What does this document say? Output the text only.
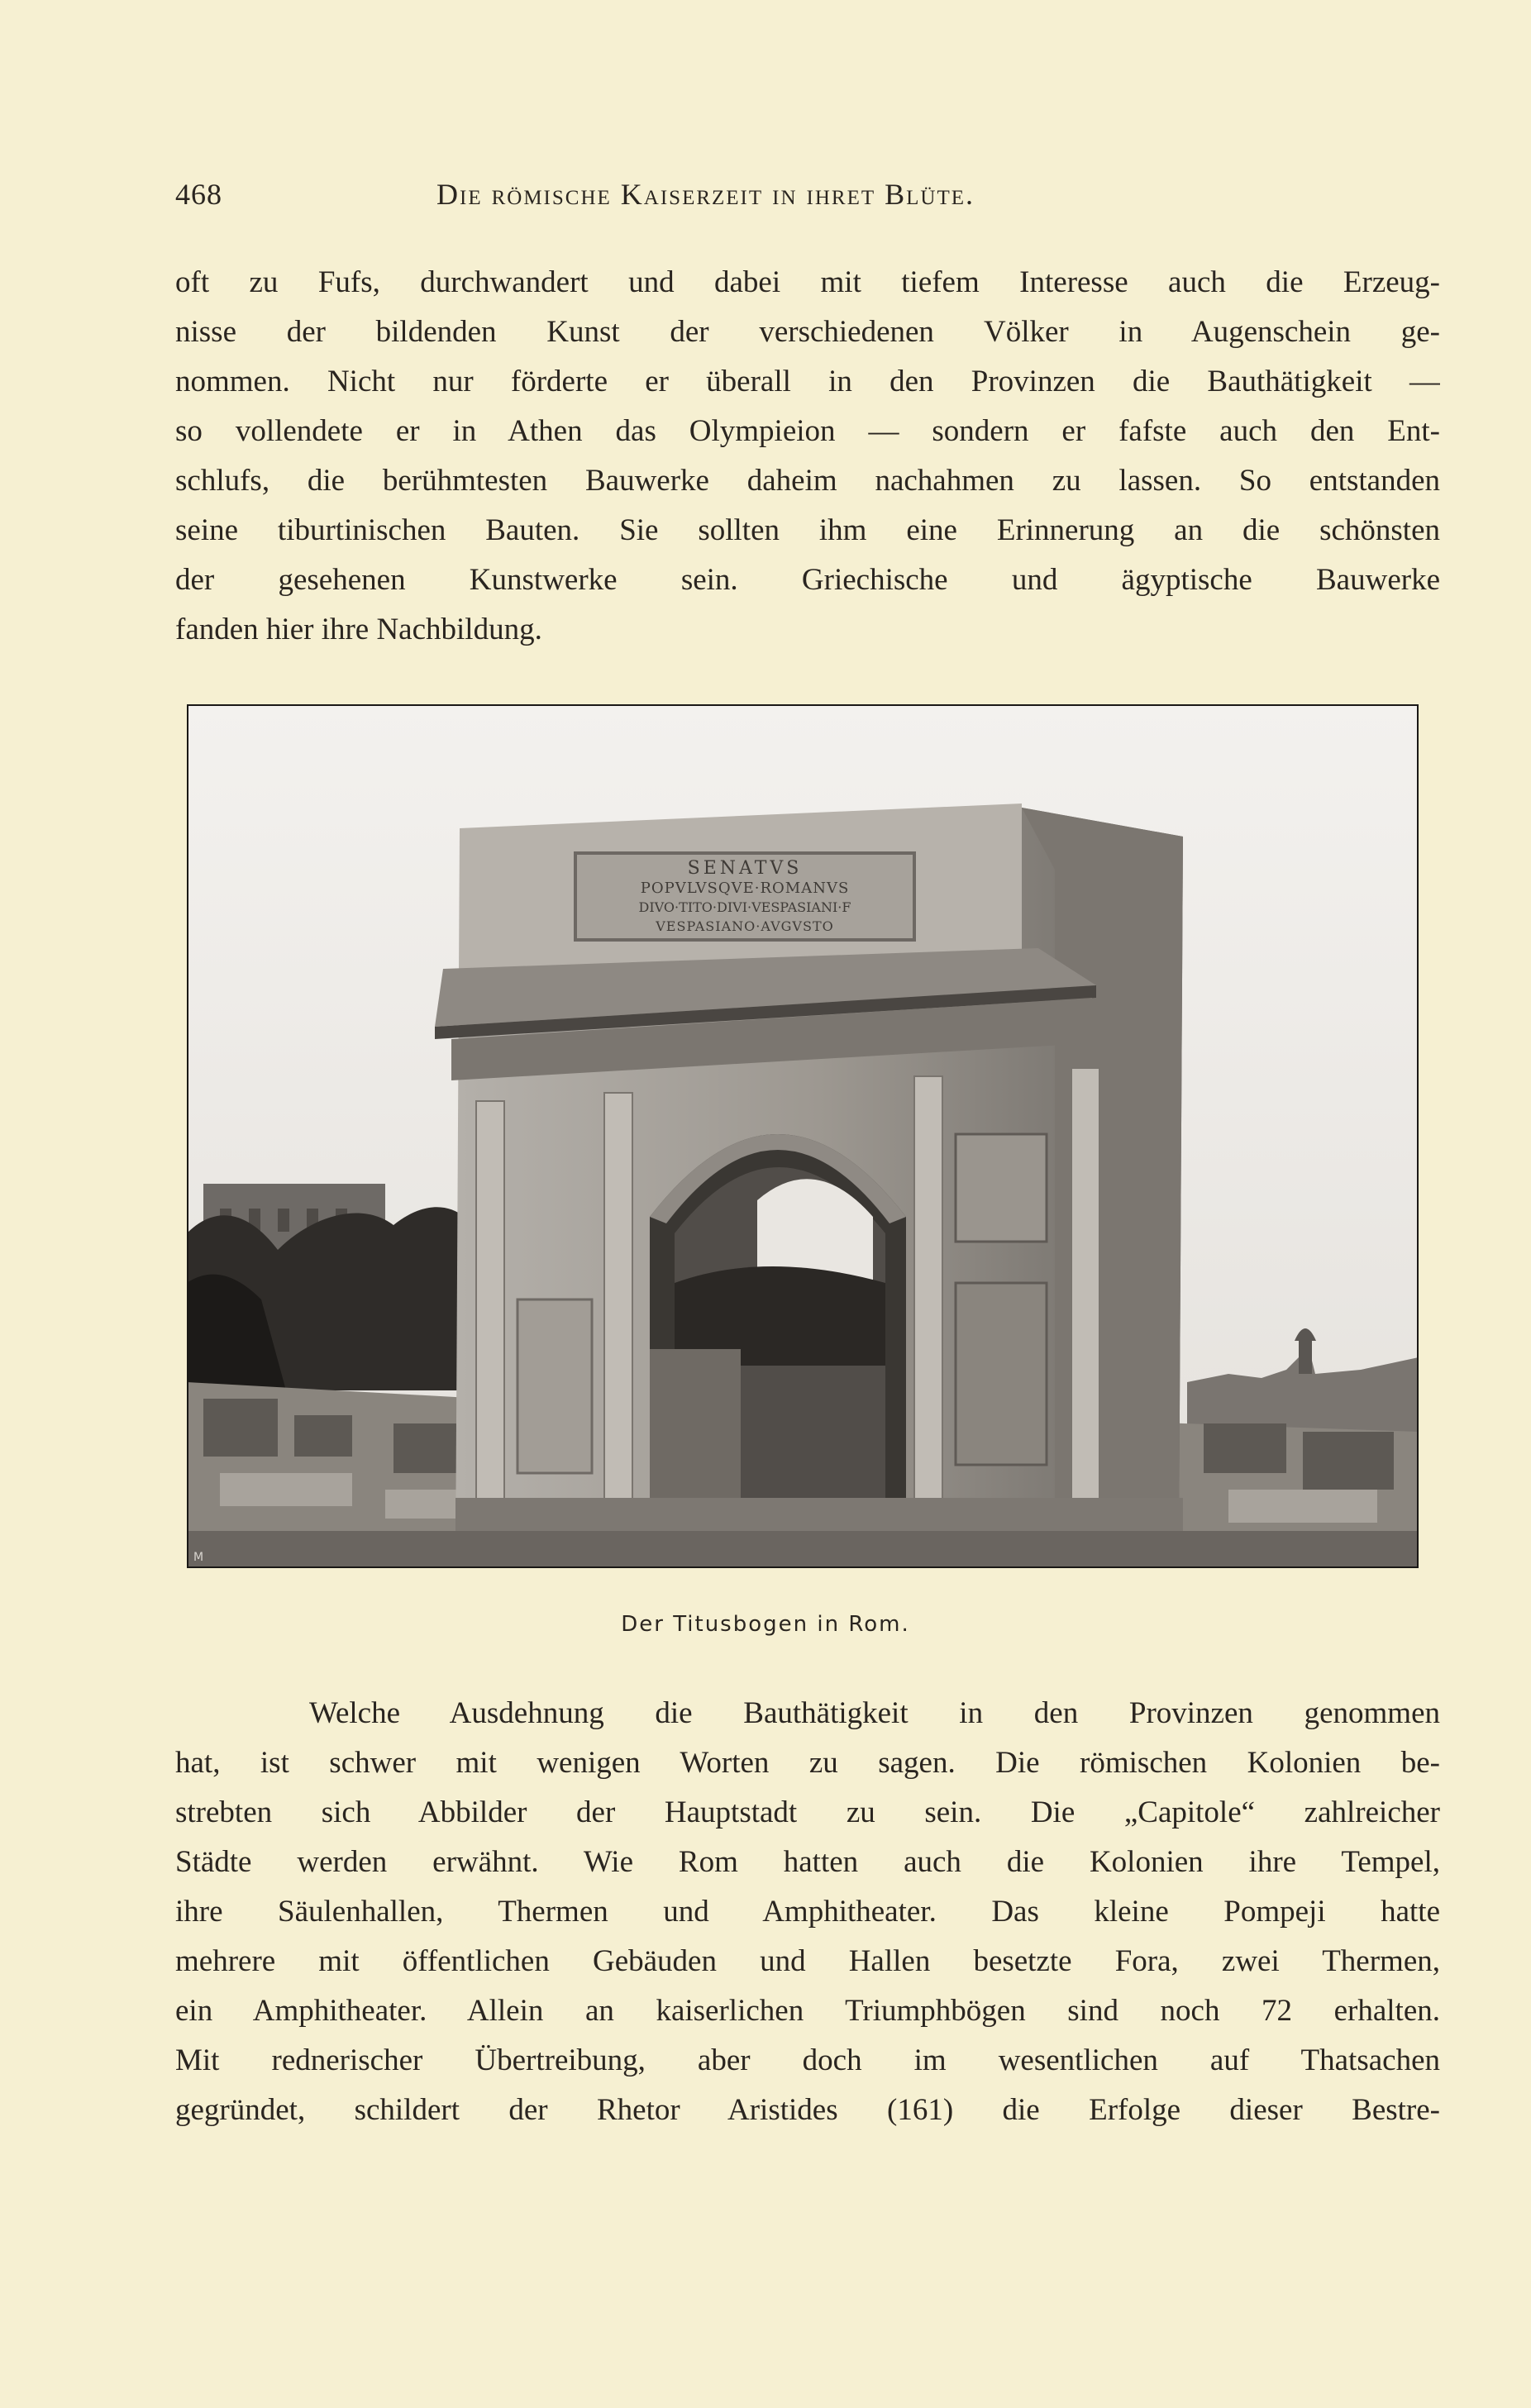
468	Die römische Kaiserzeit in ihret Blüte.
oft zu Fufs, durchwandert und dabei mit tiefem Interesse auch die Erzeug-
nisse der bildenden Kunst der verschiedenen Völker in Augenschein ge-
nommen. Nicht nur förderte er überall in den Provinzen die Bauthätigkeit —
so vollendete er in Athen das Olympieion — sondern er fafste auch den Ent-
schlufs, die berühmtesten Bauwerke daheim nachahmen zu lassen. So entstanden
seine tiburtinischen Bauten. Sie sollten ihm eine Erinnerung an die schönsten
der gesehenen Kunstwerke sein. Griechische und ägyptische Bauwerke
fanden hier ihre Nachbildung.
SENATVS
POPVLVSQVE·ROMANVS
DIVO·TITO·DIVI·VESPASIANI·F
VESPASIANO·AVGVSTO
M
Der Titusbogen in Rom.
Welche Ausdehnung die Bauthätigkeit in den Provinzen genommen
hat, ist schwer mit wenigen Worten zu sagen. Die römischen Kolonien be-
strebten sich Abbilder der Hauptstadt zu sein. Die „Capitole“ zahlreicher
Städte werden erwähnt. Wie Rom hatten auch die Kolonien ihre Tempel,
ihre Säulenhallen, Thermen und Amphitheater. Das kleine Pompeji hatte
mehrere mit öffentlichen Gebäuden und Hallen besetzte Fora, zwei Thermen,
ein Amphitheater. Allein an kaiserlichen Triumphbögen sind noch 72 erhalten.
Mit rednerischer Übertreibung, aber doch im wesentlichen auf Thatsachen
gegründet, schildert der Rhetor Aristides (161) die Erfolge dieser Bestre-
